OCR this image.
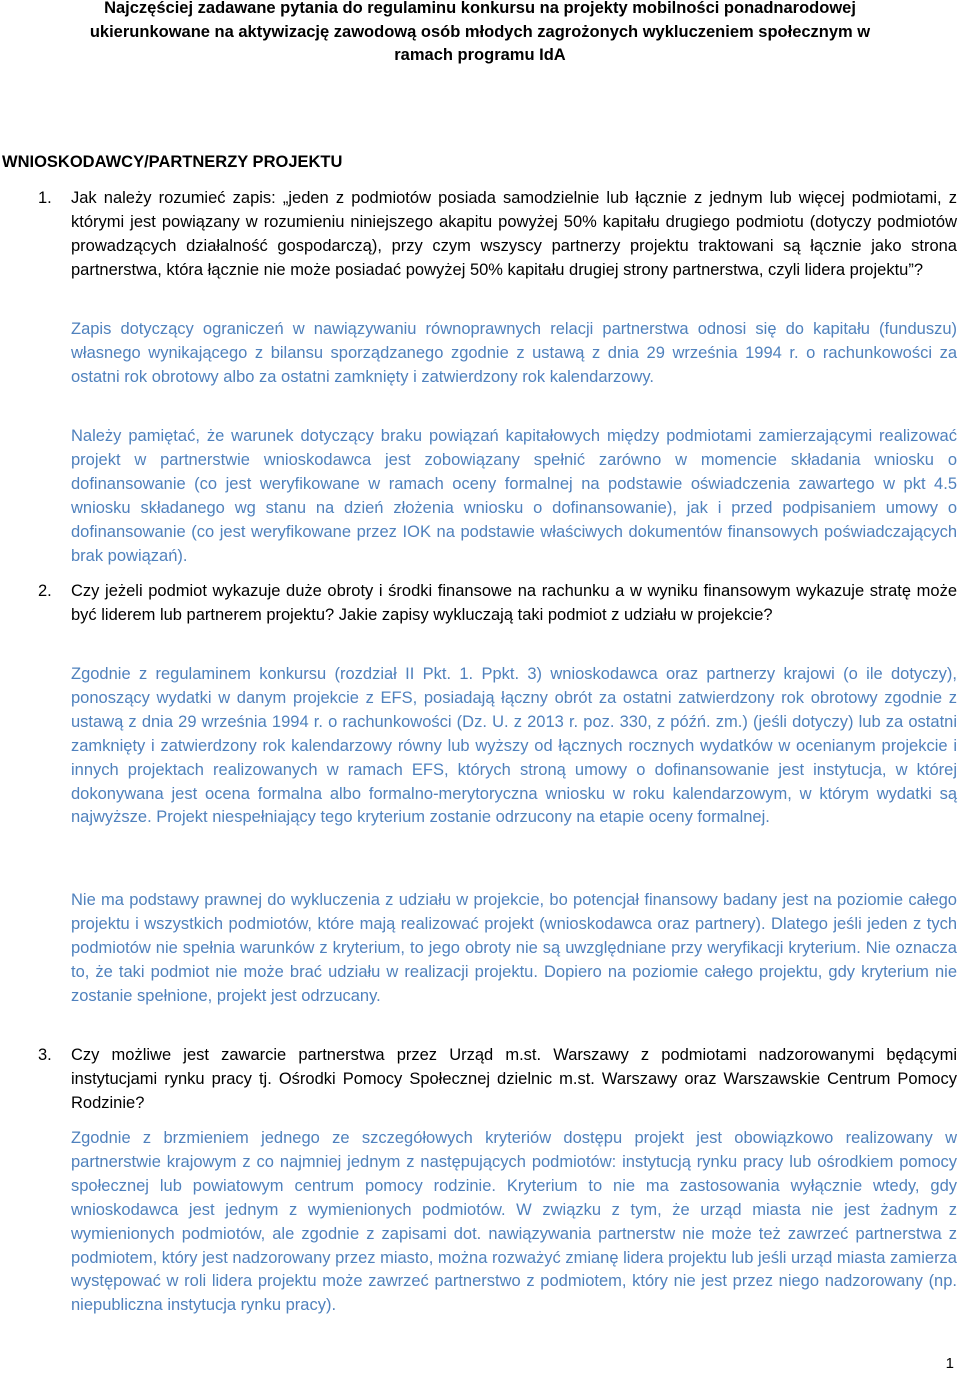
Najczęściej zadawane pytania do regulaminu konkursu na projekty mobilności ponadnarodowej ukierunkowane na aktywizację zawodową osób młodych zagrożonych wykluczeniem społecznym w ramach programu IdA
WNIOSKODAWCY/PARTNERZY PROJEKTU

1. Jak należy rozumieć zapis: „jeden z podmiotów posiada samodzielnie lub łącznie z jednym lub więcej podmiotami, z którymi jest powiązany w rozumieniu niniejszego akapitu powyżej 50% kapitału drugiego podmiotu (dotyczy podmiotów prowadzących działalność gospodarczą), przy czym wszyscy partnerzy projektu traktowani są łącznie jako strona partnerstwa, która łącznie nie może posiadać powyżej 50% kapitału drugiej strony partnerstwa, czyli lidera projektu”?

Zapis dotyczący ograniczeń w nawiązywaniu równoprawnych relacji partnerstwa odnosi się do kapitału (funduszu) własnego wynikającego z bilansu sporządzanego zgodnie z ustawą z dnia 29 września 1994 r. o rachunkowości za ostatni rok obrotowy albo za ostatni zamknięty i zatwierdzony rok kalendarzowy.

Należy pamiętać, że warunek dotyczący braku powiązań kapitałowych między podmiotami zamierzającymi realizować projekt w partnerstwie wnioskodawca jest zobowiązany spełnić zarówno w momencie składania wniosku o dofinansowanie (co jest weryfikowane w ramach oceny formalnej na podstawie oświadczenia zawartego w pkt 4.5 wniosku składanego wg stanu na dzień złożenia wniosku o dofinansowanie), jak i przed podpisaniem umowy o dofinansowanie (co jest weryfikowane przez IOK na podstawie właściwych dokumentów finansowych poświadczających brak powiązań).

2. Czy jeżeli podmiot wykazuje duże obroty i środki finansowe na rachunku a w wyniku finansowym wykazuje stratę może być liderem lub partnerem projektu? Jakie zapisy wykluczają taki podmiot z udziału w projekcie?

Zgodnie z regulaminem konkursu (rozdział II Pkt. 1. Ppkt. 3) wnioskodawca oraz partnerzy krajowi (o ile dotyczy), ponoszący wydatki w danym projekcie z EFS, posiadają łączny obrót za ostatni zatwierdzony rok obrotowy zgodnie z ustawą z dnia 29 września 1994 r. o rachunkowości (Dz. U. z 2013 r. poz. 330, z późń. zm.) (jeśli dotyczy) lub za ostatni zamknięty i zatwierdzony rok kalendarzowy równy lub wyższy od łącznych rocznych wydatków w ocenianym projekcie i innych projektach realizowanych w ramach EFS, których stroną umowy o dofinansowanie jest instytucja, w której dokonywana jest ocena formalna albo formalno-merytoryczna wniosku w roku kalendarzowym, w którym wydatki są najwyższe. Projekt niespełniający tego kryterium zostanie odrzucony na etapie oceny formalnej.

Nie ma podstawy prawnej do wykluczenia z udziału w projekcie, bo potencjał finansowy badany jest na poziomie całego projektu i wszystkich podmiotów, które mają realizować projekt (wnioskodawca oraz partnery). Dlatego jeśli jeden z tych podmiotów nie spełnia warunków z kryterium, to jego obroty nie są uwzględniane przy weryfikacji kryterium. Nie oznacza to, że taki podmiot nie może brać udziału w realizacji projektu. Dopiero na poziomie całego projektu, gdy kryterium nie zostanie spełnione, projekt jest odrzucany.

3. Czy możliwe jest zawarcie partnerstwa przez Urząd m.st. Warszawy z podmiotami nadzorowanymi będącymi instytucjami rynku pracy tj. Ośrodki Pomocy Społecznej dzielnic m.st. Warszawy oraz Warszawskie Centrum Pomocy Rodzinie?

Zgodnie z brzmieniem jednego ze szczegółowych kryteriów dostępu projekt jest obowiązkowo realizowany w partnerstwie krajowym z co najmniej jednym z następujących podmiotów: instytucją rynku pracy lub ośrodkiem pomocy społecznej lub powiatowym centrum pomocy rodzinie. Kryterium to nie ma zastosowania wyłącznie wtedy, gdy wnioskodawca jest jednym z wymienionych podmiotów. W związku z tym, że urząd miasta nie jest żadnym z wymienionych podmiotów, ale zgodnie z zapisami dot. nawiązywania partnerstw nie może też zawrzeć partnerstwa z podmiotem, który jest nadzorowany przez miasto, można rozważyć zmianę lidera projektu lub jeśli urząd miasta zamierza występować w roli lidera projektu może zawrzeć partnerstwo z podmiotem, który nie jest przez niego nadzorowany (np. niepubliczna instytucja rynku pracy).

1
